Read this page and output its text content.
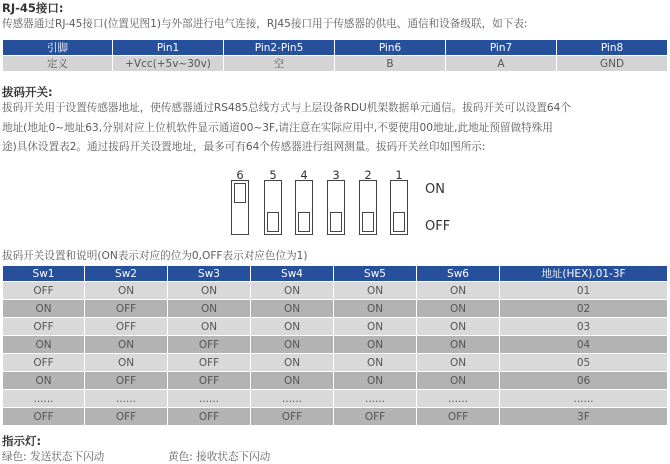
RJ-45接口:
传感器通过RJ-45接口(位置见图1)与外部进行电气连接，RJ45接口用于传感器的供电、通信和设备级联，如下表:
引脚	Pin1	Pin2-Pin5	Pin6	Pin7	Pin8
定义	+Vcc(+5v~30v)	空	B	A	GND
拔码开关:
拔码开关用于设置传感器地址，使传感器通过RS485总线方式与上层设备RDU机架数据单元通信。拔码开关可以设置64个
地址(地址0~地址63,分别对应上位机软件显示通道00~3F,请注意在实际应用中,不要使用00地址,此地址预留做特殊用
途)具休设置表2。通过拔码开关设置地址，最多可有64个传感器进行组网测量。拔码开关丝印如图所示:
6	5	4	3	2	1
ON
OFF
拔码开关设置和说明(ON表示对应的位为0,OFF表示对应色位为1)
Sw1	Sw2	Sw3	Sw4	Sw5	Sw6	地址(HEX),01-3F
OFF	ON	ON	ON	ON	ON	01
ON	OFF	ON	ON	ON	ON	02
OFF	OFF	ON	ON	ON	ON	03
ON	ON	OFF	ON	ON	ON	04
OFF	ON	OFF	ON	ON	ON	05
ON	OFF	OFF	ON	ON	ON	06
......	......	......	......	......	......	......
OFF	OFF	OFF	OFF	OFF	OFF	3F
指示灯:
绿色: 发送状态下闪动	黄色: 接收状态下闪动
